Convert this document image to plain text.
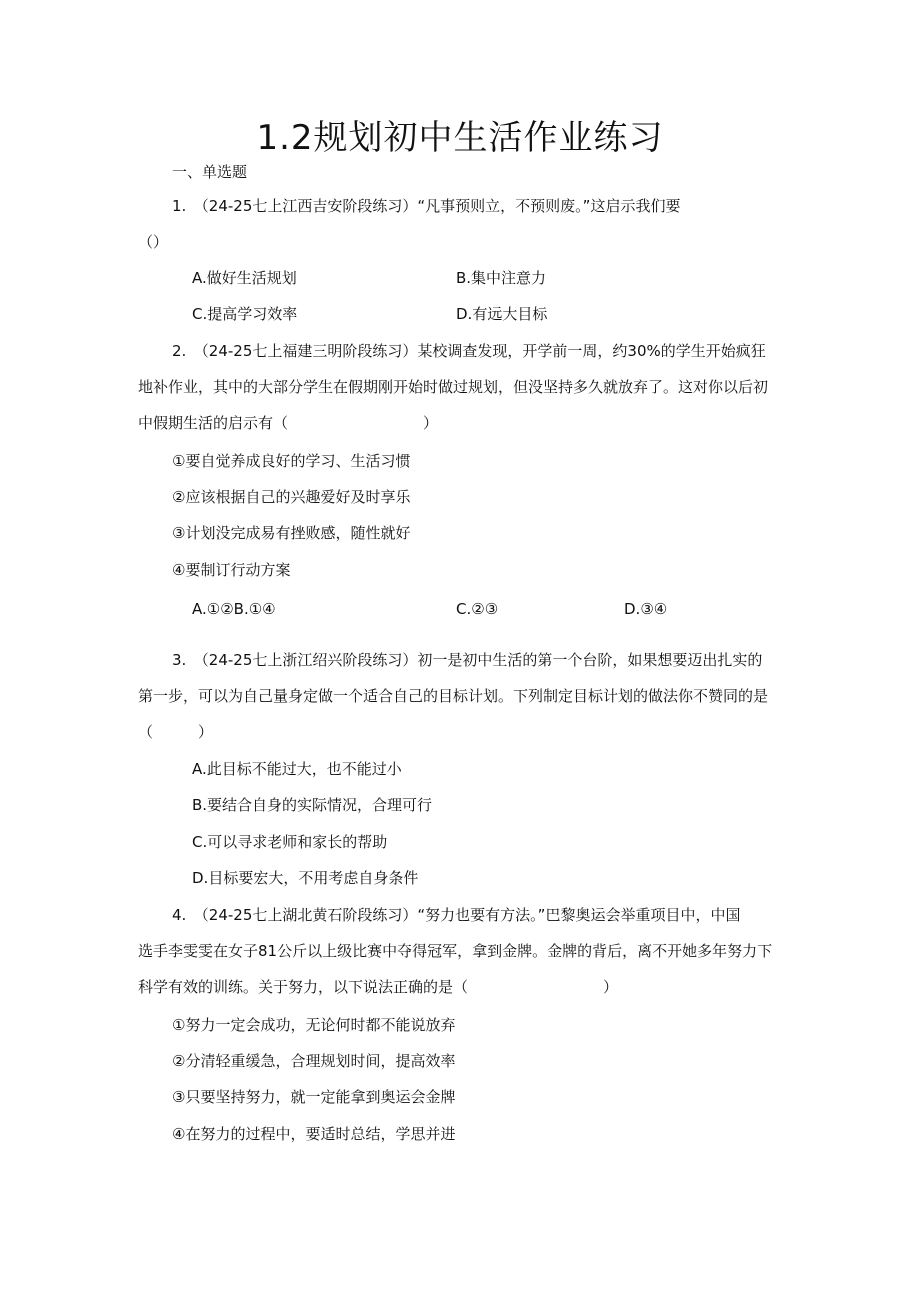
1.2规划初中生活作业练习
一、单选题
1.　（24-25七上江西吉安阶段练习）“凡事预则立，不预则废。”这启示我们要
（）
A.做好生活规划	B.集中注意力
C.提高学习效率	D.有远大目标
2.　（24-25七上福建三明阶段练习）某校调查发现，开学前一周，约30%的学生开始疯狂
地补作业，其中的大部分学生在假期刚开始时做过规划，但没坚持多久就放弃了。这对你以后初
中假期生活的启示有（　　　　　　　　　）
①要自觉养成良好的学习、生活习惯
②应该根据自己的兴趣爱好及时享乐
③计划没完成易有挫败感，随性就好
④要制订行动方案
A.①②B.①④	C.②③	D.③④
3.　（24-25七上浙江绍兴阶段练习）初一是初中生活的第一个台阶，如果想要迈出扎实的
第一步，可以为自己量身定做一个适合自己的目标计划。下列制定目标计划的做法你不赞同的是
（　　　）
A.此目标不能过大，也不能过小
B.要结合自身的实际情况，合理可行
C.可以寻求老师和家长的帮助
D.目标要宏大，不用考虑自身条件
4.　（24-25七上湖北黄石阶段练习）“努力也要有方法。”巴黎奥运会举重项目中，中国
选手李雯雯在女子81公斤以上级比赛中夺得冠军，拿到金牌。金牌的背后，离不开她多年努力下
科学有效的训练。关于努力，以下说法正确的是（　　　　　　　　　）
①努力一定会成功，无论何时都不能说放弃
②分清轻重缓急，合理规划时间，提高效率
③只要坚持努力，就一定能拿到奥运会金牌
④在努力的过程中，要适时总结，学思并进
